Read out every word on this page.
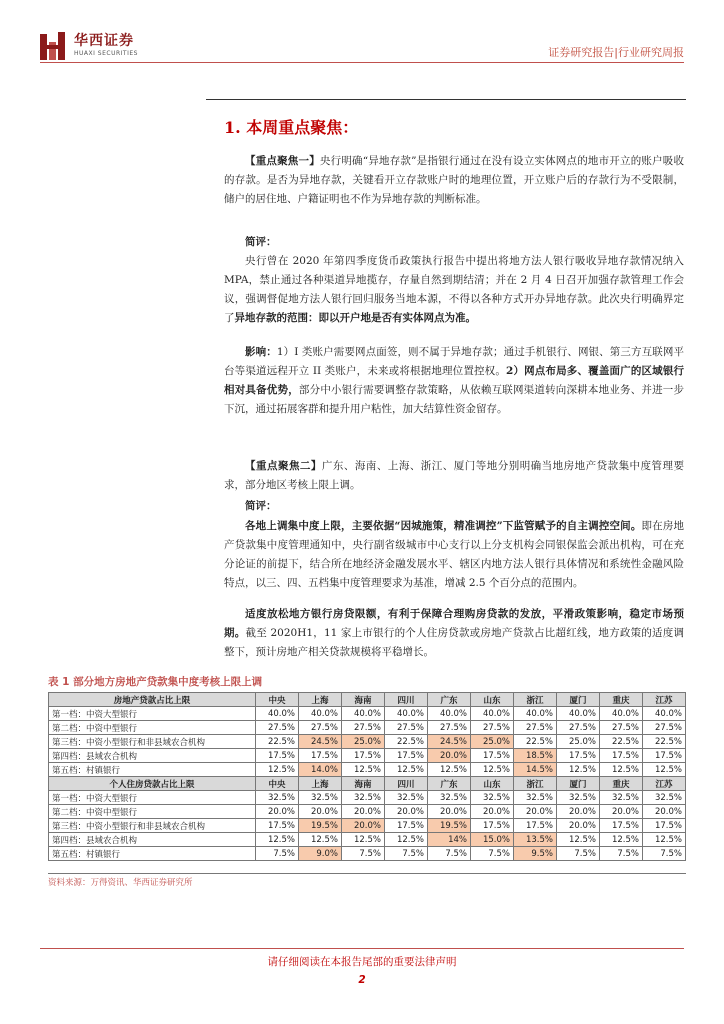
华西证券
HUAXI SECURITIES	证券研究报告|行业研究周报
1. 本周重点聚焦：

【重点聚焦一】央行明确“异地存款”是指银行通过在没有设立实体网点的地市开立的账户吸收的存款。是否为异地存款，关键看开立存款账户时的地理位置，开立账户后的存款行为不受限制，储户的居住地、户籍证明也不作为异地存款的判断标准。

简评：

央行曾在 2020 年第四季度货币政策执行报告中提出将地方法人银行吸收异地存款情况纳入 MPA，禁止通过各种渠道异地揽存，存量自然到期结清；并在 2 月 4 日召开加强存款管理工作会议，强调督促地方法人银行回归服务当地本源，不得以各种方式开办异地存款。此次央行明确界定了异地存款的范围：即以开户地是否有实体网点为准。

影响：1）I 类账户需要网点面签，则不属于异地存款；通过手机银行、网银、第三方互联网平台等渠道远程开立 II 类账户，未来或将根据地理位置控权。2）网点布局多、覆盖面广的区域银行相对具备优势，部分中小银行需要调整存款策略，从依赖互联网渠道转向深耕本地业务、并进一步下沉，通过拓展客群和提升用户粘性，加大结算性资金留存。

【重点聚焦二】广东、海南、上海、浙江、厦门等地分别明确当地房地产贷款集中度管理要求，部分地区考核上限上调。

简评：

各地上调集中度上限，主要依据“因城施策，精准调控”下监管赋予的自主调控空间。即在房地产贷款集中度管理通知中，央行副省级城市中心支行以上分支机构会同银保监会派出机构，可在充分论证的前提下，结合所在地经济金融发展水平、辖区内地方法人银行具体情况和系统性金融风险特点，以三、四、五档集中度管理要求为基准，增减 2.5 个百分点的范围内。

适度放松地方银行房贷限额，有利于保障合理购房贷款的发放，平滑政策影响，稳定市场预期。截至 2020H1，11 家上市银行的个人住房贷款或房地产贷款占比超红线，地方政策的适度调整下，预计房地产相关贷款规模将平稳增长。

表 1 部分地方房地产贷款集中度考核上限上调
房地产贷款占比上限	中央	上海	海南	四川	广东	山东	浙江	厦门	重庆	江苏
第一档：中资大型银行	40.0%	40.0%	40.0%	40.0%	40.0%	40.0%	40.0%	40.0%	40.0%	40.0%
第二档：中资中型银行	27.5%	27.5%	27.5%	27.5%	27.5%	27.5%	27.5%	27.5%	27.5%	27.5%
第三档：中资小型银行和非县域农合机构	22.5%	24.5%	25.0%	22.5%	24.5%	25.0%	22.5%	25.0%	22.5%	22.5%
第四档：县域农合机构	17.5%	17.5%	17.5%	17.5%	20.0%	17.5%	18.5%	17.5%	17.5%	17.5%
第五档：村镇银行	12.5%	14.0%	12.5%	12.5%	12.5%	12.5%	14.5%	12.5%	12.5%	12.5%
个人住房贷款占比上限	中央	上海	海南	四川	广东	山东	浙江	厦门	重庆	江苏
第一档：中资大型银行	32.5%	32.5%	32.5%	32.5%	32.5%	32.5%	32.5%	32.5%	32.5%	32.5%
第二档：中资中型银行	20.0%	20.0%	20.0%	20.0%	20.0%	20.0%	20.0%	20.0%	20.0%	20.0%
第三档：中资小型银行和非县域农合机构	17.5%	19.5%	20.0%	17.5%	19.5%	17.5%	17.5%	20.0%	17.5%	17.5%
第四档：县域农合机构	12.5%	12.5%	12.5%	12.5%	14%	15.0%	13.5%	12.5%	12.5%	12.5%
第五档：村镇银行	7.5%	9.0%	7.5%	7.5%	7.5%	7.5%	9.5%	7.5%	7.5%	7.5%
资料来源：万得资讯、华西证券研究所
请仔细阅读在本报告尾部的重要法律声明
2
